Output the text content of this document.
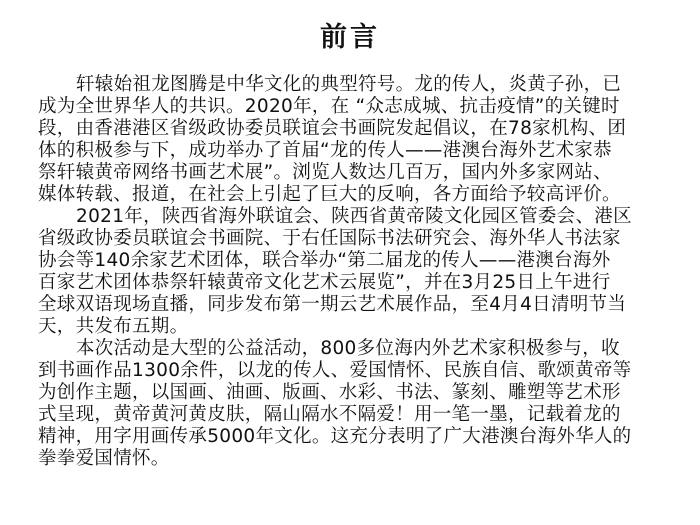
前言
轩辕始祖龙图腾是中华文化的典型符号。龙的传人，炎黄子孙，已
成为全世界华人的共识。2020年，在 “众志成城、抗击疫情”的关键时
段，由香港港区省级政协委员联谊会书画院发起倡议，在78家机构、团
体的积极参与下，成功举办了首届“龙的传人——港澳台海外艺术家恭
祭轩辕黄帝网络书画艺术展”。浏览人数达几百万，国内外多家网站、
媒体转载、报道，在社会上引起了巨大的反响，各方面给予较高评价。
2021年，陕西省海外联谊会、陕西省黄帝陵文化园区管委会、港区
省级政协委员联谊会书画院、于右任国际书法研究会、海外华人书法家
协会等140余家艺术团体，联合举办“第二届龙的传人——港澳台海外
百家艺术团体恭祭轩辕黄帝文化艺术云展览”，并在3月25日上午进行
全球双语现场直播，同步发布第一期云艺术展作品，至4月4日清明节当
天，共发布五期。
本次活动是大型的公益活动，800多位海内外艺术家积极参与，收
到书画作品1300余件，以龙的传人、爱国情怀、民族自信、歌颂黄帝等
为创作主题，以国画、油画、版画、水彩、书法、篆刻、雕塑等艺术形
式呈现，黄帝黄河黄皮肤，隔山隔水不隔爱！用一笔一墨，记载着龙的
精神，用字用画传承5000年文化。这充分表明了广大港澳台海外华人的
拳拳爱国情怀。
